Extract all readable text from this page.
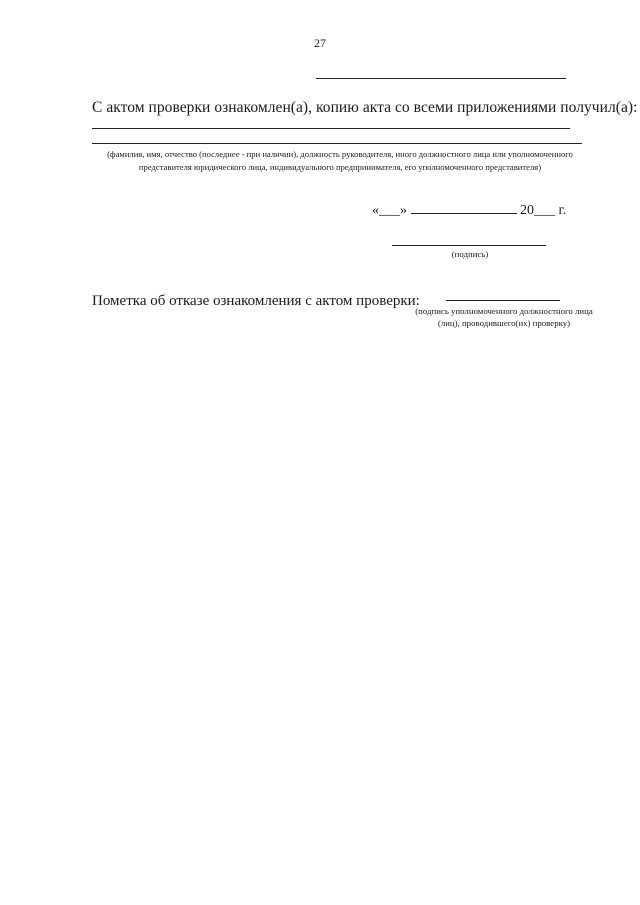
27
С актом проверки ознакомлен(а), копию акта со всеми приложениями получил(а):
(фамилия, имя, отчество (последнее - при наличии), должность руководителя, иного должностного лица или уполномоченного представителя юридического лица, индивидуального предпринимателя, его уполномоченного представителя)
«___»	20___ г.
(подпись)
Пометка об отказе ознакомления с актом проверки:
(подпись уполномоченного должностного лица (лиц), проводившего(их) проверку)
